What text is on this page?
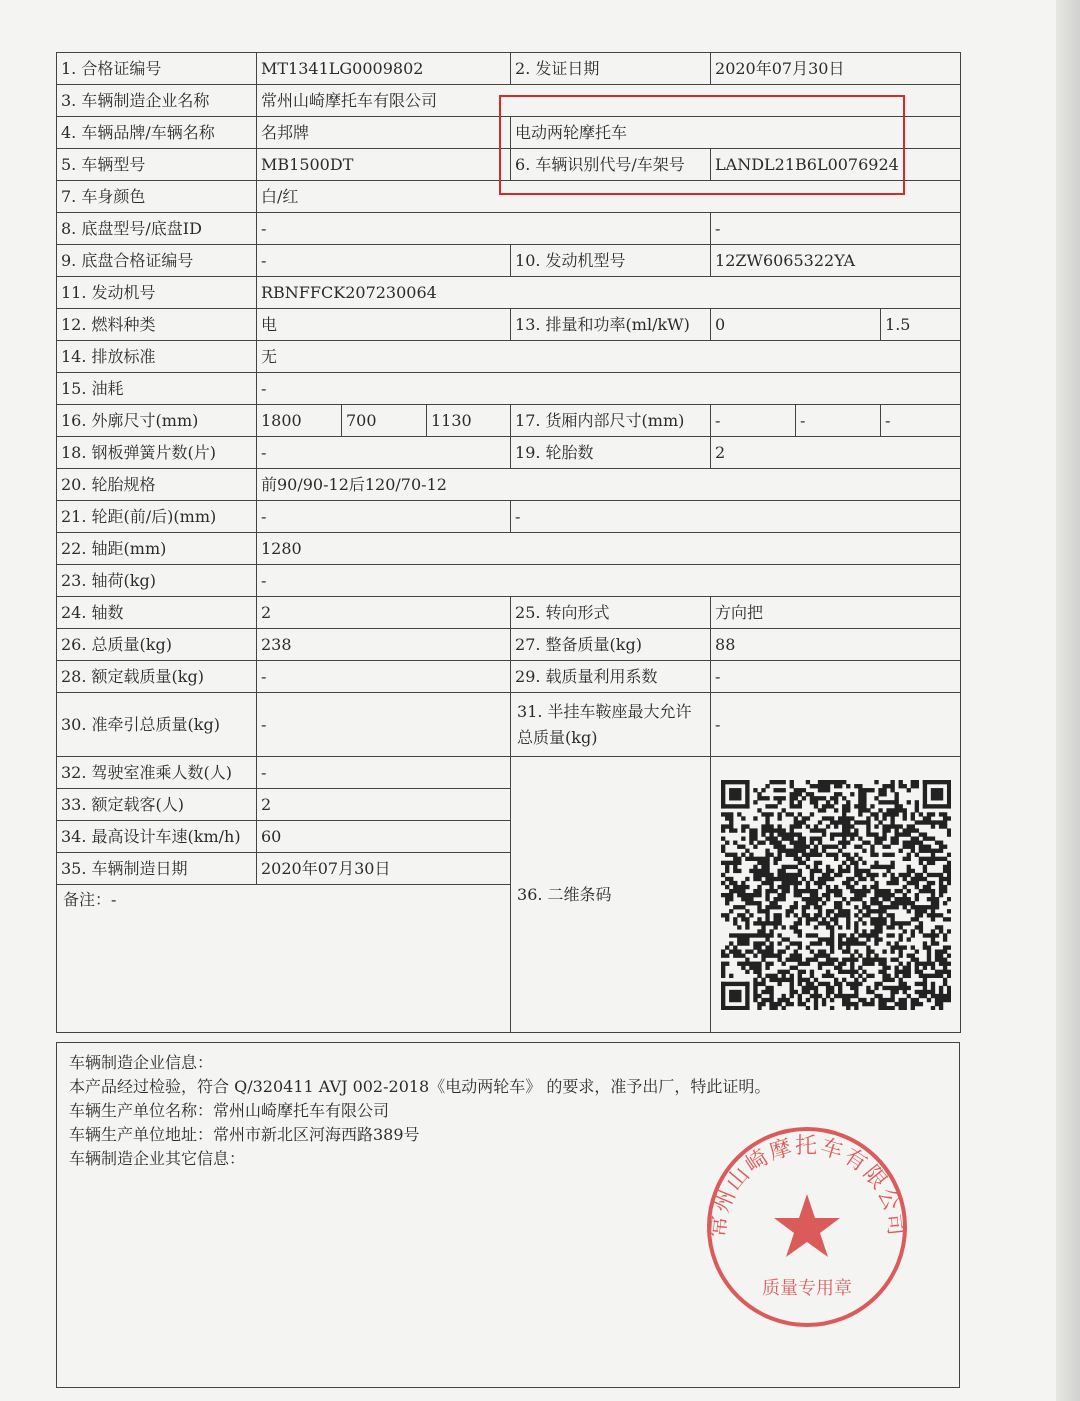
1. 合格证编号	MT1341LG0009802			2. 发证日期	2020年07月30日		
3. 车辆制造企业名称	常州山崎摩托车有限公司						
4. 车辆品牌/车辆名称	名邦牌			电动两轮摩托车			
5. 车辆型号	MB1500DT			6. 车辆识别代号/车架号	LANDL21B6L0076924		
7. 车身颜色	白/红						
8. 底盘型号/底盘ID	-				-		
9. 底盘合格证编号	-			10. 发动机型号	12ZW6065322YA		
11. 发动机号	RBNFFCK207230064						
12. 燃料种类	电			13. 排量和功率(ml/kW)	0		1.5
14. 排放标准	无						
15. 油耗	-						
16. 外廓尺寸(mm)	1800	700	1130	17. 货厢内部尺寸(mm)	-	-	-
18. 钢板弹簧片数(片)	-			19. 轮胎数	2		
20. 轮胎规格	前90/90-12后120/70-12						
21. 轮距(前/后)(mm)	-			-			
22. 轴距(mm)	1280						
23. 轴荷(kg)	-						
24. 轴数	2			25. 转向形式	方向把		
26. 总质量(kg)	238			27. 整备质量(kg)	88		
28. 额定载质量(kg)	-			29. 载质量利用系数	-		
30. 准牵引总质量(kg)	-			31. 半挂车鞍座最大允许总质量(kg)	-		
32. 驾驶室准乘人数(人)	-			36. 二维条码	

33. 额定载客(人)	2						
34. 最高设计车速(km/h)	60						
35. 车辆制造日期	2020年07月30日						
备注：-							
车辆制造企业信息：
本产品经过检验，符合 Q/320411 AVJ 002-2018《电动两轮车》 的要求，准予出厂，特此证明。
车辆生产单位名称：常州山崎摩托车有限公司
车辆生产单位地址：常州市新北区河海西路389号
车辆制造企业其它信息：
常州山崎摩托车有限公司
质量专用章
